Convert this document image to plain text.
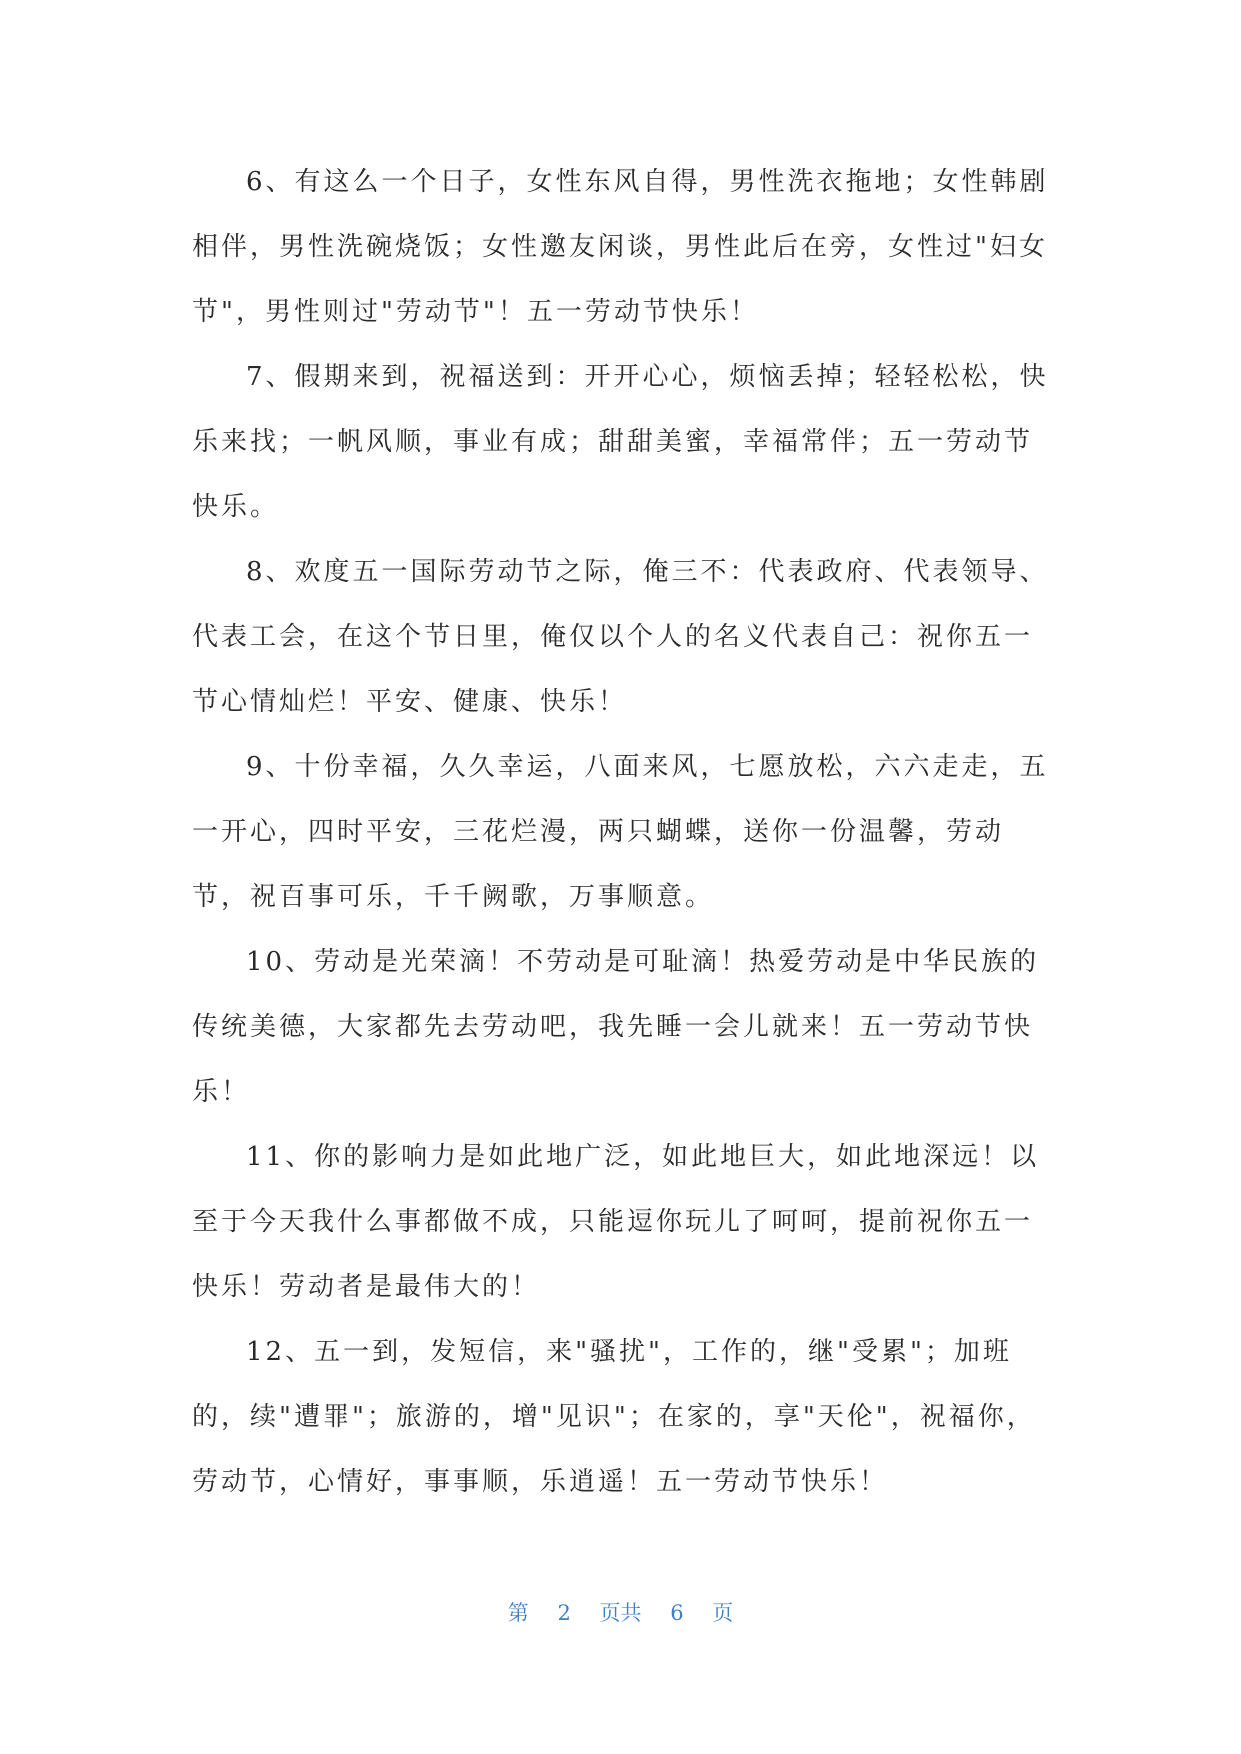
6、有这么一个日子，女性东风自得，男性洗衣拖地；女性韩剧
相伴，男性洗碗烧饭；女性邀友闲谈，男性此后在旁，女性过"妇女
节"，男性则过"劳动节"！五一劳动节快乐！
7、假期来到，祝福送到：开开心心，烦恼丢掉；轻轻松松，快
乐来找；一帆风顺，事业有成；甜甜美蜜，幸福常伴；五一劳动节
快乐。
8、欢度五一国际劳动节之际，俺三不：代表政府、代表领导、
代表工会，在这个节日里，俺仅以个人的名义代表自己：祝你五一
节心情灿烂！平安、健康、快乐！
9、十份幸福，久久幸运，八面来风，七愿放松，六六走走，五
一开心，四时平安，三花烂漫，两只蝴蝶，送你一份温馨，劳动
节，祝百事可乐，千千阙歌，万事顺意。
10、劳动是光荣滴！不劳动是可耻滴！热爱劳动是中华民族的
传统美德，大家都先去劳动吧，我先睡一会儿就来！五一劳动节快
乐！
11、你的影响力是如此地广泛，如此地巨大，如此地深远！以
至于今天我什么事都做不成，只能逗你玩儿了呵呵，提前祝你五一
快乐！劳动者是最伟大的！
12、五一到，发短信，来"骚扰"，工作的，继"受累"；加班
的，续"遭罪"；旅游的，增"见识"；在家的，享"天伦"，祝福你，
劳动节，心情好，事事顺，乐逍遥！五一劳动节快乐！
第 2 页共 6 页
